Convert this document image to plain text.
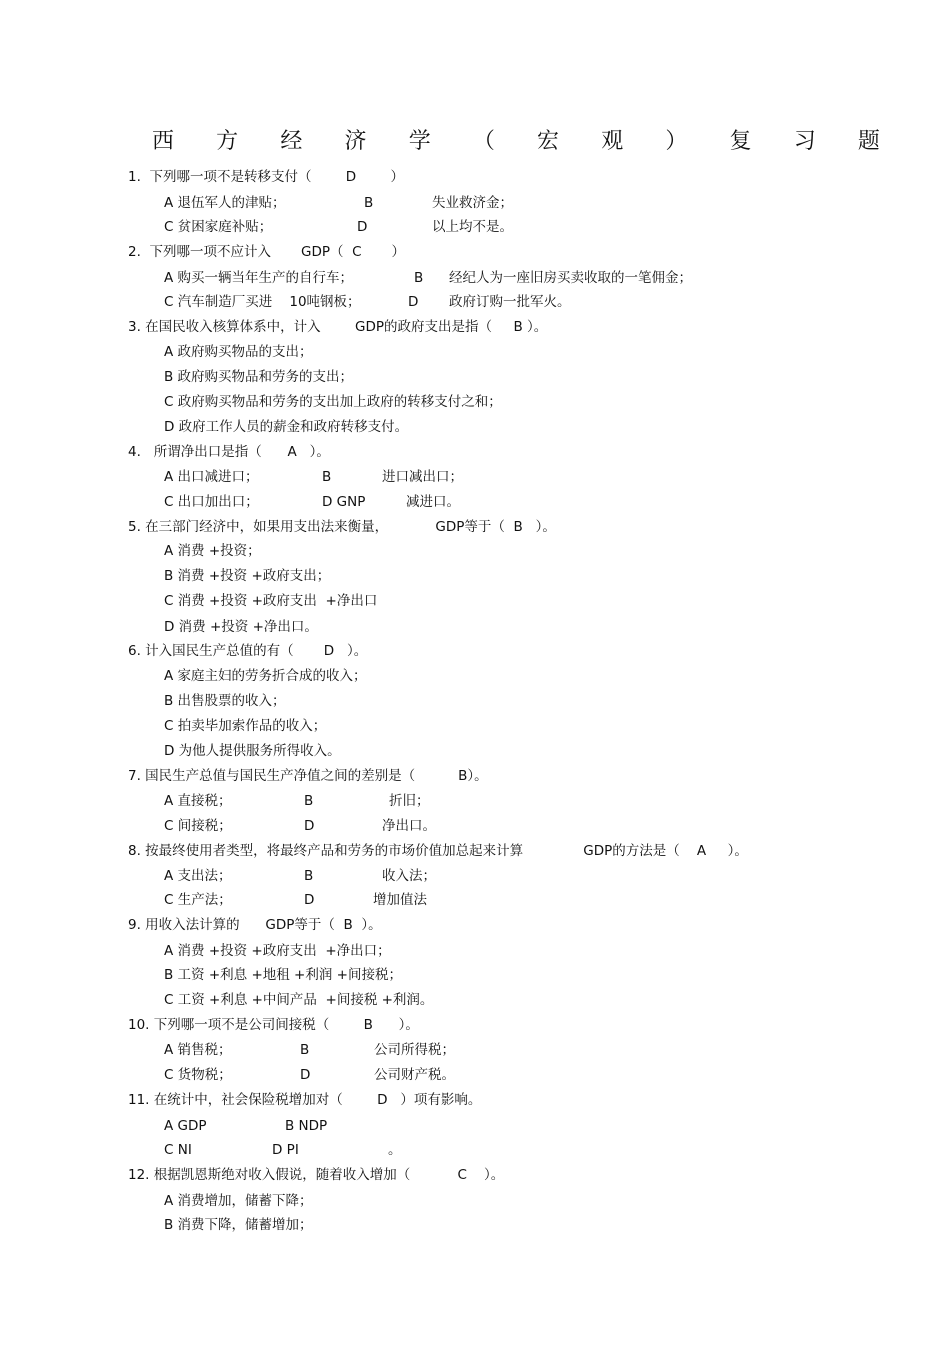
西 方 经 济 学 （ 宏 观 ） 复 习 题
1.  下列哪一项不是转移支付（        D        ）
A 退伍军人的津贴；	B	失业救济金；
C 贫困家庭补贴；	D	以上均不是。
2.  下列哪一项不应计入       GDP（  C       ）
A 购买一辆当年生产的自行车；	B 经纪人为一座旧房买卖收取的一笔佣金；
C 汽车制造厂买进    10吨钢板；	D 政府订购一批军火。
3. 在国民收入核算体系中，计入        GDP的政府支出是指（     B ）。
A 政府购买物品的支出；
B 政府购买物品和劳务的支出；
C 政府购买物品和劳务的支出加上政府的转移支付之和；
D 政府工作人员的薪金和政府转移支付。
4.   所谓净出口是指（      A   ）。
A 出口减进口；	B	进口减出口；
C 出口加出口；	D GNP	减进口。
5. 在三部门经济中，如果用支出法来衡量，           GDP等于（  B   ）。
A 消费 +投资；
B 消费 +投资 +政府支出；
C 消费 +投资 +政府支出  +净出口
D 消费 +投资 +净出口。
6. 计入国民生产总值的有（       D   ）。
A 家庭主妇的劳务折合成的收入；
B 出售股票的收入；
C 拍卖毕加索作品的收入；
D 为他人提供服务所得收入。
7. 国民生产总值与国民生产净值之间的差别是（          B）。
A 直接税；	B	折旧；
C 间接税；	D	净出口。
8. 按最终使用者类型，将最终产品和劳务的市场价值加总起来计算              GDP的方法是（    A     ）。
A 支出法；	B	收入法；
C 生产法；	D	增加值法
9. 用收入法计算的      GDP等于（  B  ）。
A 消费 +投资 +政府支出  +净出口；
B 工资 +利息 +地租 +利润 +间接税；
C 工资 +利息 +中间产品  +间接税 +利润。
10. 下列哪一项不是公司间接税（        B      ）。
A 销售税；	B	公司所得税；
C 货物税；	D	公司财产税。
11. 在统计中，社会保险税增加对（        D   ）项有影响。
A GDP	B NDP
C NI	D PI	。
12. 根据凯恩斯绝对收入假说，随着收入增加（           C    ）。
A 消费增加，储蓄下降；
B 消费下降，储蓄增加；
